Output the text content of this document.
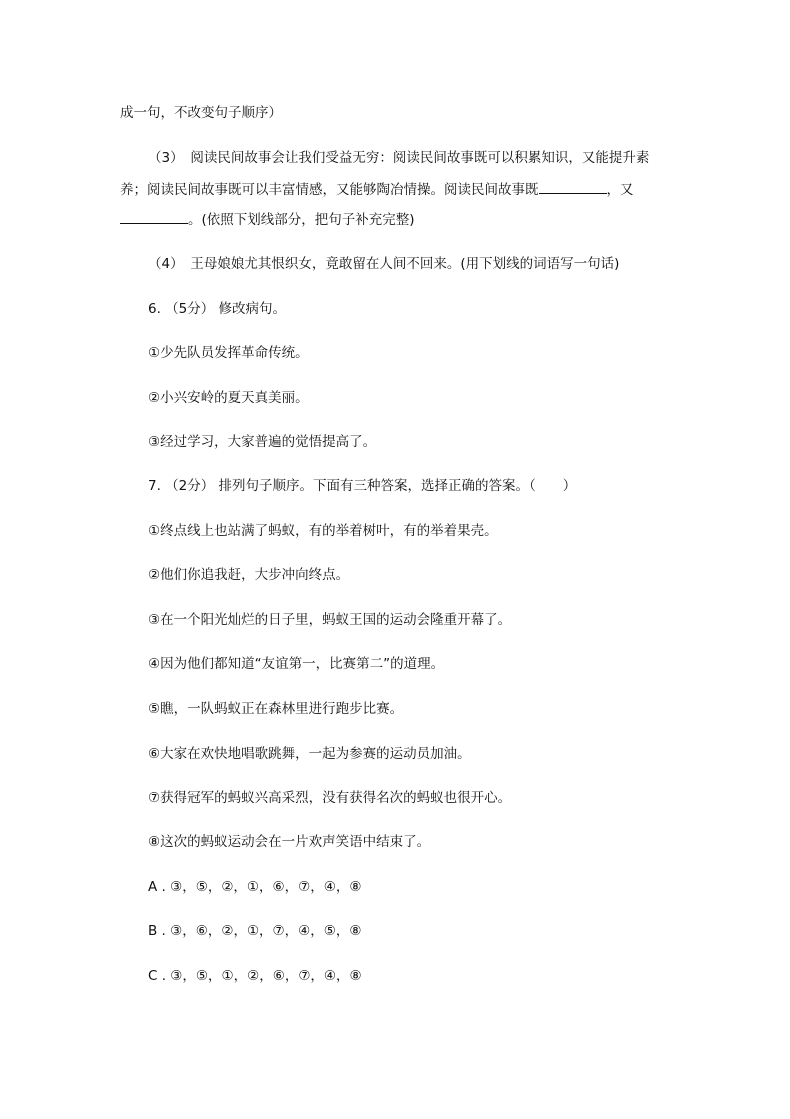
成一句，不改变句子顺序）
（3）　阅读民间故事会让我们受益无穷：阅读民间故事既可以积累知识，又能提升素
养；阅读民间故事既可以丰富情感，又能够陶冶情操。阅读民间故事既	，又
。(依照下划线部分，把句子补充完整)
（4）　王母娘娘尤其恨织女，竟敢留在人间不回来。(用下划线的词语写一句话)
6. （5分） 修改病句。
①少先队员发挥革命传统。
②小兴安岭的夏天真美丽。
③经过学习，大家普遍的觉悟提高了。
7. （2分） 排列句子顺序。下面有三种答案，选择正确的答案。（　　）
①终点线上也站满了蚂蚁，有的举着树叶，有的举着果壳。
②他们你追我赶，大步冲向终点。
③在一个阳光灿烂的日子里，蚂蚁王国的运动会隆重开幕了。
④因为他们都知道“友谊第一，比赛第二”的道理。
⑤瞧，一队蚂蚁正在森林里进行跑步比赛。
⑥大家在欢快地唱歌跳舞，一起为参赛的运动员加油。
⑦获得冠军的蚂蚁兴高采烈，没有获得名次的蚂蚁也很开心。
⑧这次的蚂蚁运动会在一片欢声笑语中结束了。
A . ③，⑤，②，①，⑥，⑦，④，⑧
B . ③，⑥，②，①，⑦，④，⑤，⑧
C . ③，⑤，①，②，⑥，⑦，④，⑧
